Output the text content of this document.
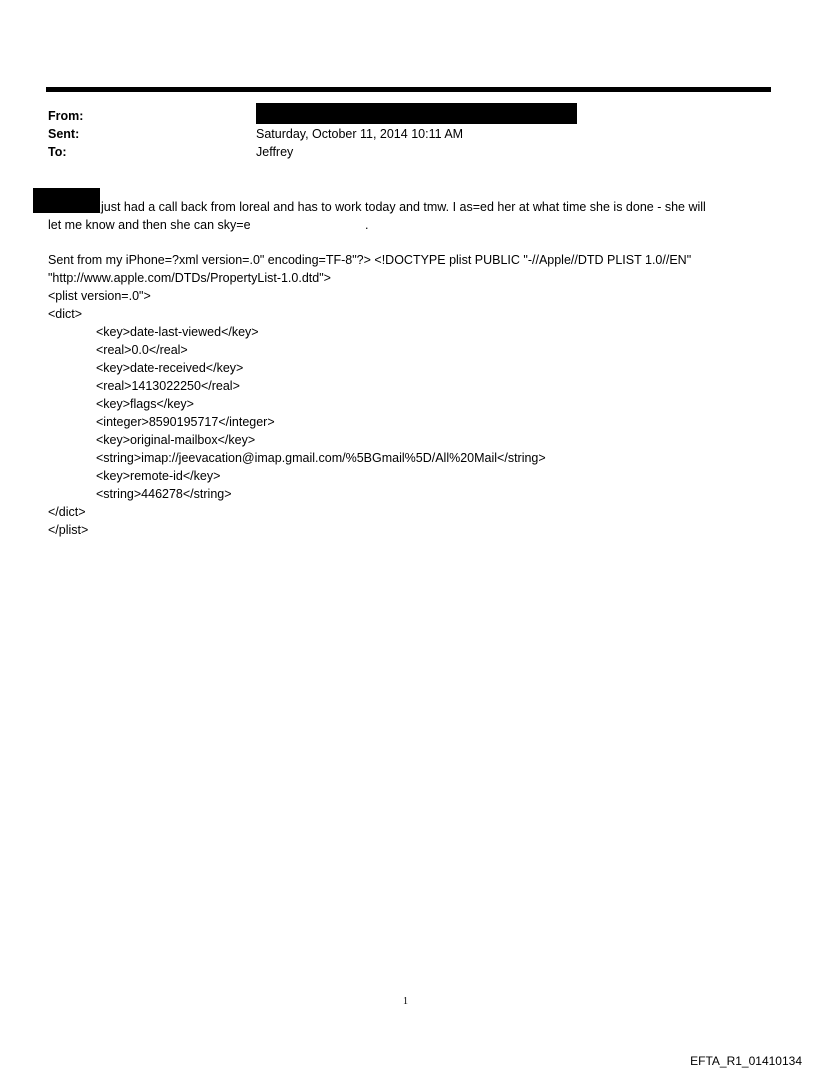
From:
Sent:	Saturday, October 11, 2014 10:11 AM
To:	Jeffrey
just had a call back from loreal and has to work today and tmw. I as=ed her at what time she is done - she will
let me know and then she can sky=e	.
Sent from my iPhone=?xml version=.0" encoding=TF-8"?> <!DOCTYPE plist PUBLIC "-//Apple//DTD PLIST 1.0//EN"
"http://www.apple.com/DTDs/PropertyList-1.0.dtd">
<plist version=.0">
<dict>
<key>date-last-viewed</key>
<real>0.0</real>
<key>date-received</key>
<real>1413022250</real>
<key>flags</key>
<integer>8590195717</integer>
<key>original-mailbox</key>
<string>imap://jeevacation@imap.gmail.com/%5BGmail%5D/All%20Mail</string>
<key>remote-id</key>
<string>446278</string>
</dict>
</plist>
1
EFTA_R1_01410134
